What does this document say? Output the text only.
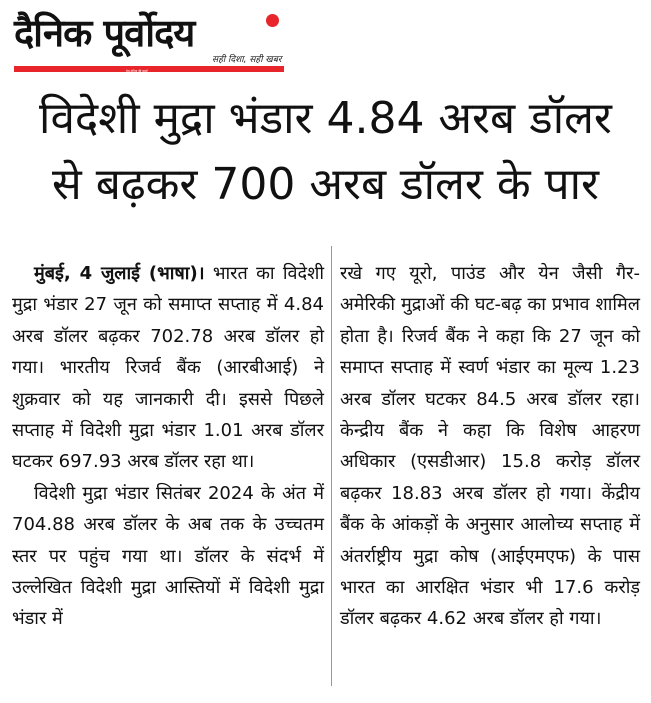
दैनिक पूर्वोदय
सही दिशा, सही खबर
देश-दुनिया की खबरें
विदेशी मुद्रा भंडार 4.84 अरब डॉलर
से बढ़कर 700 अरब डॉलर के पार

मुंबई, 4 जुलाई (भाषा)। भारत का विदेशी मुद्रा भंडार 27 जून को समाप्त सप्ताह में 4.84 अरब डॉलर बढ़कर 702.78 अरब डॉलर हो गया। भारतीय रिजर्व बैंक (आरबीआई) ने शुक्रवार को यह जानकारी दी। इससे पिछले सप्ताह में विदेशी मुद्रा भंडार 1.01 अरब डॉलर घटकर 697.93 अरब डॉलर रहा था।

विदेशी मुद्रा भंडार सितंबर 2024 के अंत में 704.88 अरब डॉलर के अब तक के उच्चतम स्तर पर पहुंच गया था। डॉलर के संदर्भ में उल्लेखित विदेशी मुद्रा आस्तियों में विदेशी मुद्रा भंडार में

रखे गए यूरो, पाउंड और येन जैसी गैर-अमेरिकी मुद्राओं की घट-बढ़ का प्रभाव शामिल होता है। रिजर्व बैंक ने कहा कि 27 जून को समाप्त सप्ताह में स्वर्ण भंडार का मूल्य 1.23 अरब डॉलर घटकर 84.5 अरब डॉलर रहा। केन्द्रीय बैंक ने कहा कि विशेष आहरण अधिकार (एसडीआर) 15.8 करोड़ डॉलर बढ़कर 18.83 अरब डॉलर हो गया। केंद्रीय बैंक के आंकड़ों के अनुसार आलोच्य सप्ताह में अंतर्राष्ट्रीय मुद्रा कोष (आईएमएफ) के पास भारत का आरक्षित भंडार भी 17.6 करोड़ डॉलर बढ़कर 4.62 अरब डॉलर हो गया।
